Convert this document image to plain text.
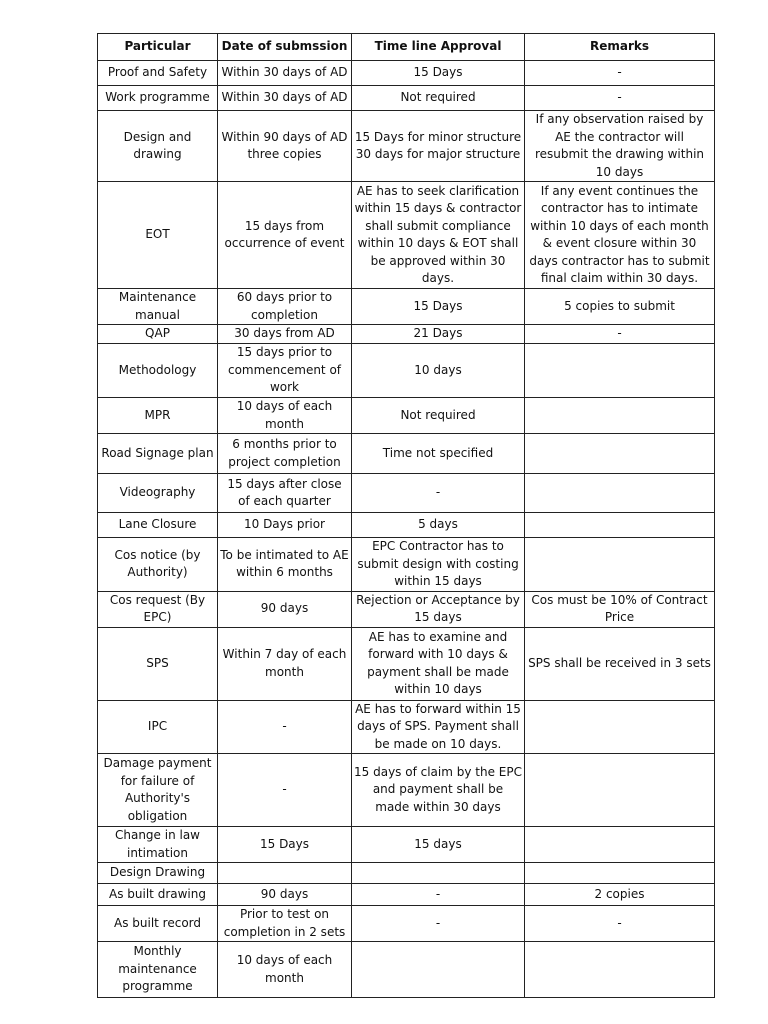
Particular	Date of submssion	Time line Approval	Remarks
Proof and Safety	Within 30 days of AD	15 Days	-
Work programme	Within 30 days of AD	Not required	-
Design and drawing	Within 90 days of AD three copies	15 Days for minor structure 30 days for major structure	If any observation raised by AE the contractor will resubmit the drawing within 10 days
EOT	15 days from occurrence of event	AE has to seek clarification within 15 days & contractor shall submit compliance within 10 days & EOT shall be approved within 30 days.	If any event continues the contractor has to intimate within 10 days of each month & event closure within 30 days contractor has to submit final claim within 30 days.
Maintenance manual	60 days prior to completion	15 Days	5 copies to submit
QAP	30 days from AD	21 Days	-
Methodology	15 days prior to commencement of work	10 days	
MPR	10 days of each month	Not required	
Road Signage plan	6 months prior to project completion	Time not specified	
Videography	15 days after close of each quarter	-	
Lane Closure	10 Days prior	5 days	
Cos notice (by Authority)	To be intimated to AE within 6 months	EPC Contractor has to submit design with costing within 15 days	
Cos request (By EPC)	90 days	Rejection or Acceptance by 15 days	Cos must be 10% of Contract Price
SPS	Within 7 day of each month	AE has to examine and forward with 10 days & payment shall be made within 10 days	SPS shall be received in 3 sets
IPC	-	AE has to forward within 15 days of SPS. Payment shall be made on 10 days.	
Damage payment for failure of Authority's obligation	-	15 days of claim by the EPC and payment shall be made within 30 days	
Change in law intimation	15 Days	15 days	
Design Drawing			
As built drawing	90 days	-	2 copies
As built record	Prior to test on completion in 2 sets	-	-
Monthly maintenance programme	10 days of each month		
